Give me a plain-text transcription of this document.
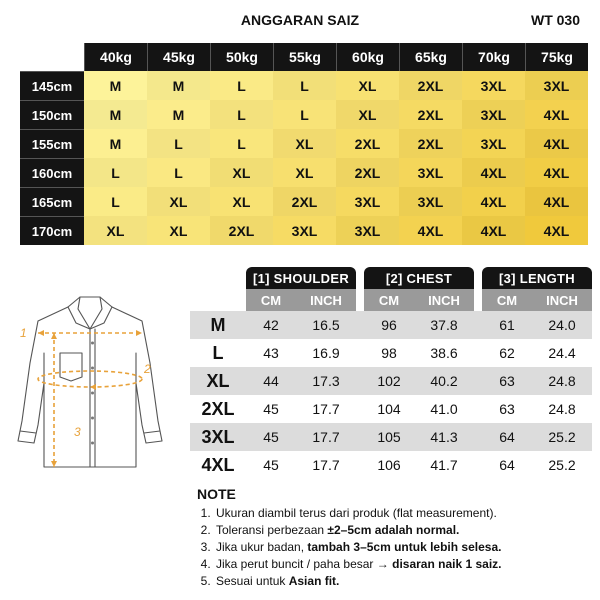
ANGGARAN SAIZ	WT 030
	40kg	45kg	50kg	55kg	60kg	65kg	70kg	75kg
145cm	M	M	L	L	XL	2XL	3XL	3XL
150cm	M	M	L	L	XL	2XL	3XL	4XL
155cm	M	L	L	XL	2XL	2XL	3XL	4XL
160cm	L	L	XL	XL	2XL	3XL	4XL	4XL
165cm	L	XL	XL	2XL	3XL	3XL	4XL	4XL
170cm	XL	XL	2XL	3XL	3XL	4XL	4XL	4XL
1
2
3
	[1] SHOULDER			[2] CHEST			[3] LENGTH	
	CM	INCH		CM	INCH		CM	INCH
M	42	16.5		96	37.8		61	24.0
L	43	16.9		98	38.6		62	24.4
XL	44	17.3		102	40.2		63	24.8
2XL	45	17.7		104	41.0		63	24.8
3XL	45	17.7		105	41.3		64	25.2
4XL	45	17.7		106	41.7		64	25.2
NOTE
1. Ukuran diambil terus dari produk (flat measurement).
2. Toleransi perbezaan ±2–5cm adalah normal.
3. Jika ukur badan, tambah 3–5cm untuk lebih selesa.
4. Jika perut buncit / paha besar → disaran naik 1 saiz.
5. Sesuai untuk Asian fit.
